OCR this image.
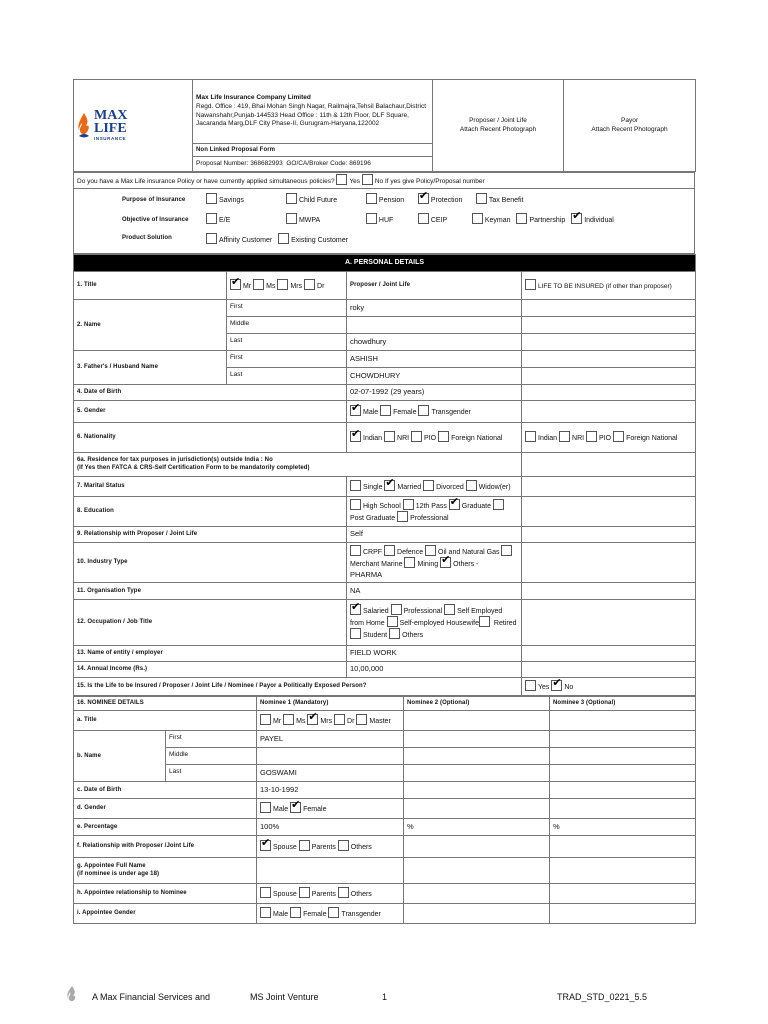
MAX
LIFE
INSURANCE

Max Life Insurance Company Limited
Regd. Office : 419, Bhai Mohan Singh Nagar, Railmajra,Tehsil Balachaur,District Nawanshahr,Punjab-144533 Head Office : 11th & 12th Floor, DLF Square, Jacaranda Marg,DLF City Phase-II, Gurugram-Haryana,122002

Proposer / Joint Life
Attach Recent Photograph

Payor
Attach Recent Photograph

Non Linked Proposal Form
Proposal Number: 368682993 GO/CA/Broker Code: 869196
Do you have a Max Life insurance Policy or have currently applied simultaneous policies? Yes No If yes give Policy/Proposal number
Purpose of Insurance	Savings	Child Future	Pension ✔	Protection	Tax Benefit
Objective of Insurance	E/E	MWPA	HUF	CEIP	Keyman	Partnership ✔	Individual
Product Solution	Affinity Customer	Existing Customer
A. PERSONAL DETAILS			
1. Title	✔Mr Ms Mrs Dr	Proposer / Joint Life	LIFE TO BE INSURED (if other than proposer)
2. Name	First	roky	
	Middle		
	Last	chowdhury	
3. Father's / Husband Name	First	ASHISH	
	Last	CHOWDHURY	
4. Date of Birth		02-07-1992 (29 years)	
5. Gender	✔Male Female Transgender	
6. Nationality	✔Indian NRI PIO Foreign National	Indian NRI PIO Foreign National

6a. Residence for tax purposes in jurisdiction(s) outside India : No
(If Yes then FATCA & CRS-Self Certification Form to be mandatorily completed)			

7. Marital Status		Single ✔ Married Divorced Widow(er)	
8. Education		High School 12th Pass ✔ Graduate Post Graduate Professional	
9. Relationship with Proposer / Joint Life		Self	
10. Industry Type		CRPF Defence Oil and Natural Gas Merchant Marine Mining ✔ Others -
PHARMA

11. Organisation Type		NA	
12. Occupation / Job Title	✔Salaried Professional Self Employed from Home Self-employed Housewife RetiredStudent Others	
13. Name of entity / employer		FIELD WORK	
14. Annual Income (Rs.)		10,00,000	
15. Is the Life to be Insured / Proposer / Joint Life / Nominee / Payor a Politically Exposed Person?			Yes ✔ No
16. NOMINEE DETAILS		Nominee 1 (Mandatory)	Nominee 2 (Optional)	Nominee 3 (Optional)
a. Title		Mr Ms ✔ Mrs Dr Master		
b. Name	First	PAYEL		
	Middle			
	Last	GOSWAMI		
c. Date of Birth		13-10-1992		
d. Gender		Male ✔ Female		
e. Percentage		100%	%	%
f. Relationship with Proposer /Joint Life	✔Spouse Parents Others		

g. Appointee Full Name
(if nominee is under age 18)				

h. Appointee relationship to Nominee		Spouse Parents Others		
i. Appointee Gender		Male Female Transgender		
A Max Financial Services and	MS Joint Venture	1	TRAD_STD_0221_5.5
